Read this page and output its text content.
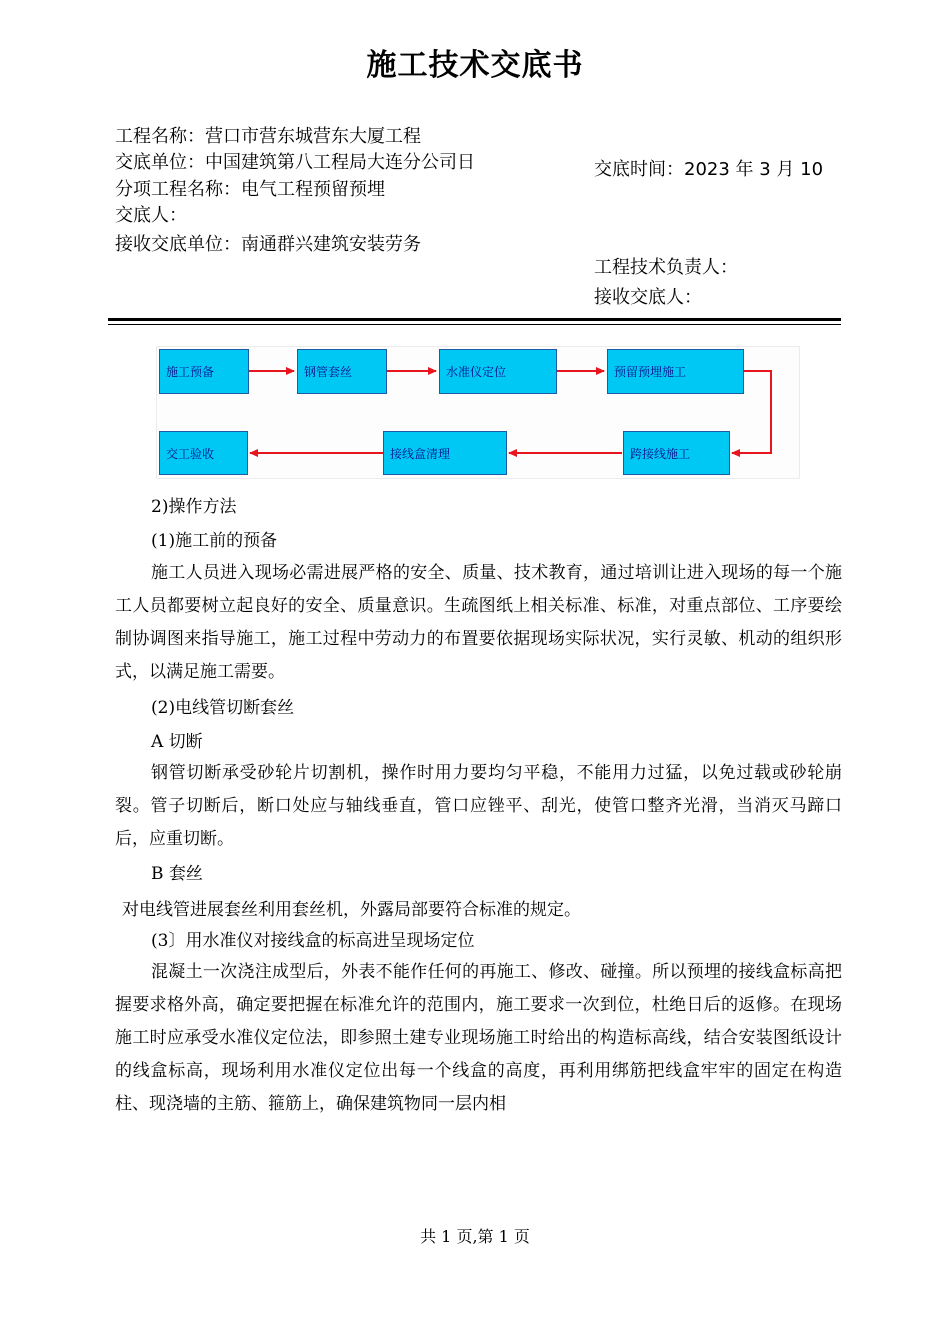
施工技术交底书
工程名称：营口市营东城营东大厦工程
交底单位：中国建筑第八工程局大连分公司日
分项工程名称：电气工程预留预埋
交底人：
接收交底单位：南通群兴建筑安装劳务
交底时间：2023 年 3 月 10
工程技术负责人：
接收交底人：
施工预备	钢管套丝	水准仪定位	预留预埋施工
跨接线施工
接线盒清理
交工验收
2)操作方法
(1)施工前的预备
施工人员进入现场必需进展严格的安全、质量、技术教育，通过培训让进入现场的每一个施工人员都要树立起良好的安全、质量意识。生疏图纸上相关标准、标准，对重点部位、工序要绘制协调图来指导施工，施工过程中劳动力的布置要依据现场实际状况，实行灵敏、机动的组织形式，以满足施工需要。
(2)电线管切断套丝
A 切断
钢管切断承受砂轮片切割机，操作时用力要均匀平稳，不能用力过猛，以免过载或砂轮崩裂。管子切断后，断口处应与轴线垂直，管口应锉平、刮光，使管口整齐光滑，当消灭马蹄口后，应重切断。
B 套丝
对电线管进展套丝利用套丝机，外露局部要符合标准的规定。
(3〕用水准仪对接线盒的标高进呈现场定位
混凝土一次浇注成型后，外表不能作任何的再施工、修改、碰撞。所以预埋的接线盒标高把握要求格外高，确定要把握在标准允许的范围内，施工要求一次到位，杜绝日后的返修。在现场施工时应承受水准仪定位法，即参照土建专业现场施工时给出的构造标高线，结合安装图纸设计的线盒标高，现场利用水准仪定位出每一个线盒的高度，再利用绑筋把线盒牢牢的固定在构造柱、现浇墙的主筋、箍筋上，确保建筑物同一层内相
共 1 页,第 1 页
